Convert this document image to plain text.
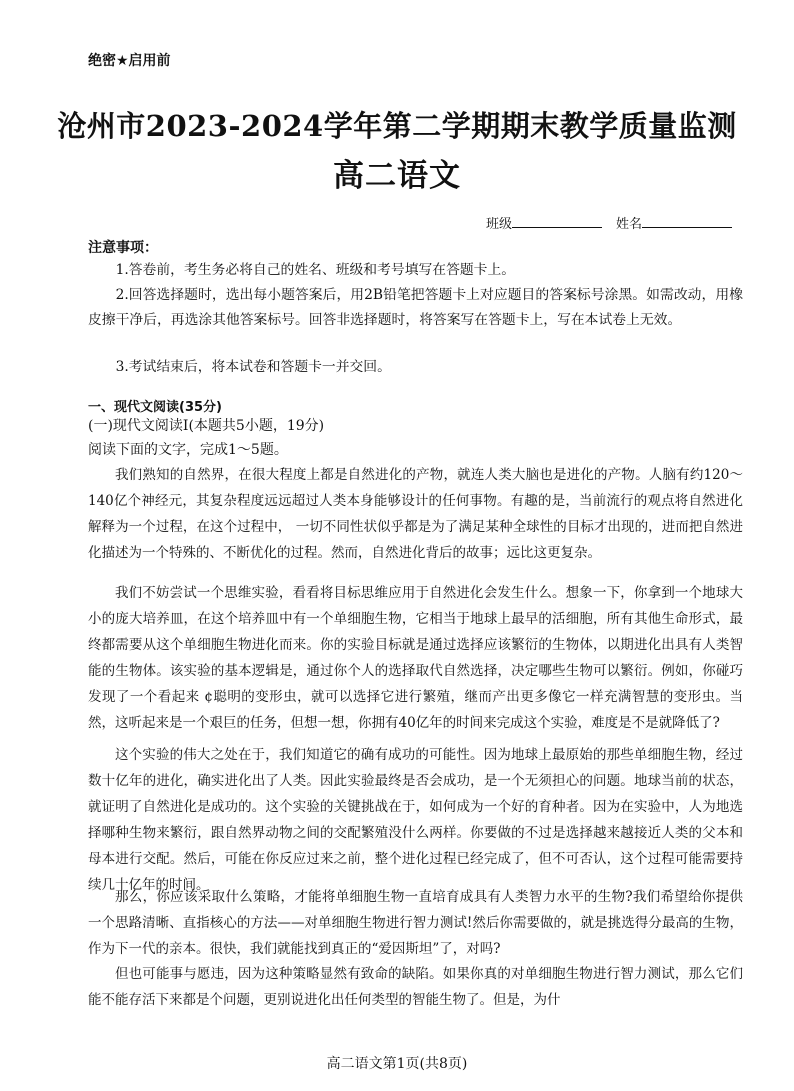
绝密★启用前
沧州市2023-2024学年第二学期期末教学质量监测
高二语文
班级	姓名
注意事项：

1.答卷前，考生务必将自己的姓名、班级和考号填写在答题卡上。

2.回答选择题时，选出每小题答案后，用2B铅笔把答题卡上对应题目的答案标号涂黑。如需改动，用橡皮擦干净后，再选涂其他答案标号。回答非选择题时，将答案写在答题卡上，写在本试卷上无效。

3.考试结束后，将本试卷和答题卡一并交回。

一、现代文阅读(35分)
(一)现代文阅读I(本题共5小题，19分)
阅读下面的文字，完成1～5题。

我们熟知的自然界，在很大程度上都是自然进化的产物，就连人类大脑也是进化的产物。人脑有约120～140亿个神经元，其复杂程度远远超过人类本身能够设计的任何事物。有趣的是，当前流行的观点将自然进化解释为一个过程，在这个过程中， 一切不同性状似乎都是为了满足某种全球性的目标才出现的，进而把自然进化描述为一个特殊的、不断优化的过程。然而，自然进化背后的故事；远比这更复杂。

我们不妨尝试一个思维实验，看看将目标思维应用于自然进化会发生什么。想象一下，你拿到一个地球大小的庞大培养皿，在这个培养皿中有一个单细胞生物，它相当于地球上最早的活细胞，所有其他生命形式，最终都需要从这个单细胞生物进化而来。你的实验目标就是通过选择应该繁衍的生物体，以期进化出具有人类智能的生物体。该实验的基本逻辑是，通过你个人的选择取代自然选择，决定哪些生物可以繁衍。例如，你碰巧发现了一个看起来 ¢聪明的变形虫，就可以选择它进行繁殖，继而产出更多像它一样充满智慧的变形虫。当然，这听起来是一个艰巨的任务，但想一想，你拥有40亿年的时间来完成这个实验，难度是不是就降低了?

这个实验的伟大之处在于，我们知道它的确有成功的可能性。因为地球上最原始的那些单细胞生物，经过数十亿年的进化，确实进化出了人类。因此实验最终是否会成功，是一个无须担心的问题。地球当前的状态，就证明了自然进化是成功的。这个实验的关键挑战在于，如何成为一个好的育种者。因为在实验中，人为地选择哪种生物来繁衍，跟自然界动物之间的交配繁殖没什么两样。你要做的不过是选择越来越接近人类的父本和母本进行交配。然后，可能在你反应过来之前，整个进化过程已经完成了，但不可否认，这个过程可能需要持续几十亿年的时间。

那么，你应该采取什么策略，才能将单细胞生物一直培育成具有人类智力水平的生物?我们希望给你提供一个思路清晰、直指核心的方法——对单细胞生物进行智力测试!然后你需要做的，就是挑选得分最高的生物，作为下一代的亲本。很快，我们就能找到真正的“爱因斯坦”了，对吗?

但也可能事与愿违，因为这种策略显然有致命的缺陷。如果你真的对单细胞生物进行智力测试，那么它们能不能存活下来都是个问题，更别说进化出任何类型的智能生物了。但是，为什

高二语文第1页(共8页)
